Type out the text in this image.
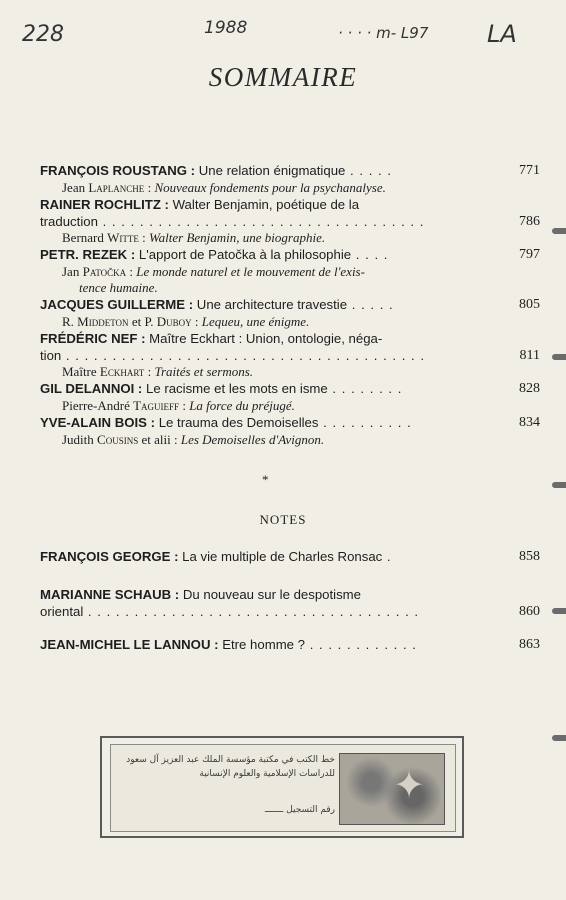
228	1988	· · · · m- L97 LA
SOMMAIRE
FRANÇOIS ROUSTANG : Une relation énigmatique . . . . .	771
Jean Laplanche : Nouveaux fondements pour la psychanalyse.
RAINER ROCHLITZ : Walter Benjamin, poétique de la
traduction . . . . . . . . . . . . . . . . . . . . . . . . . . . . . . . . . . .	786
Bernard Witte : Walter Benjamin, une biographie.
PETR. REZEK : L'apport de Patočka à la philosophie . . . .	797
Jan Patočka : Le monde naturel et le mouvement de l'exis-
tence humaine.
JACQUES GUILLERME : Une architecture travestie . . . . .	805
R. Middeton et P. Duboy : Lequeu, une énigme.
FRÉDÉRIC NEF : Maître Eckhart : Union, ontologie, néga-
tion . . . . . . . . . . . . . . . . . . . . . . . . . . . . . . . . . . . . . . .	811
Maître Eckhart : Traités et sermons.
GIL DELANNOI : Le racisme et les mots en isme . . . . . . . .	828
Pierre-André Taguieff : La force du préjugé.
YVE-ALAIN BOIS : Le trauma des Demoiselles . . . . . . . . . .	834
Judith Cousins et alii : Les Demoiselles d'Avignon.
*
NOTES
FRANÇOIS GEORGE : La vie multiple de Charles Ronsac .	858
MARIANNE SCHAUB : Du nouveau sur le despotisme
oriental . . . . . . . . . . . . . . . . . . . . . . . . . . . . . . . . . . . .	860
JEAN-MICHEL LE LANNOU : Etre homme ? . . . . . . . . . . . .	863
خط الكتب في مكتبة مؤسسة الملك عبد العزيز آل سعود
للدراسات الإسلامية والعلوم الإنسانية
رقم التسجيل ـــــــ
✦
